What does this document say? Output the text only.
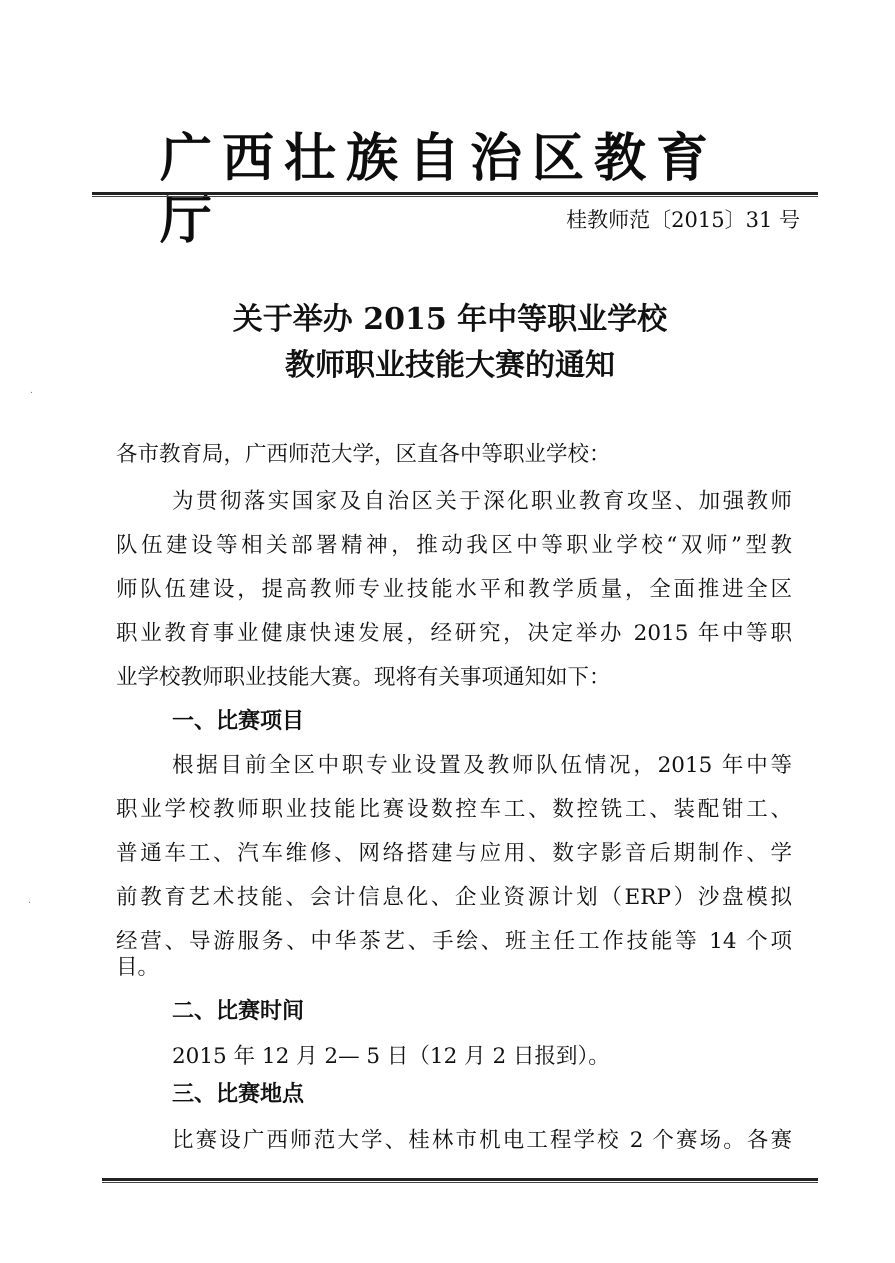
广西壮族自治区教育厅	桂教师范〔2015〕31 号
关于举办 2015 年中等职业学校
教师职业技能大赛的通知
各市教育局，广西师范大学，区直各中等职业学校：
为贯彻落实国家及自治区关于深化职业教育攻坚、加强教师
队伍建设等相关部署精神，推动我区中等职业学校“双师”型教
师队伍建设，提高教师专业技能水平和教学质量，全面推进全区
职业教育事业健康快速发展，经研究，决定举办 2015 年中等职
业学校教师职业技能大赛。现将有关事项通知如下：
一、比赛项目
根据目前全区中职专业设置及教师队伍情况，2015 年中等
职业学校教师职业技能比赛设数控车工、数控铣工、装配钳工、
普通车工、汽车维修、网络搭建与应用、数字影音后期制作、学
前教育艺术技能、会计信息化、企业资源计划（ERP）沙盘模拟
经营、导游服务、中华茶艺、手绘、班主任工作技能等 14 个项
目。
二、比赛时间
2015 年 12 月 2— 5 日（12 月 2 日报到）。
三、比赛地点
比赛设广西师范大学、桂林市机电工程学校 2 个赛场。各赛
.
.
